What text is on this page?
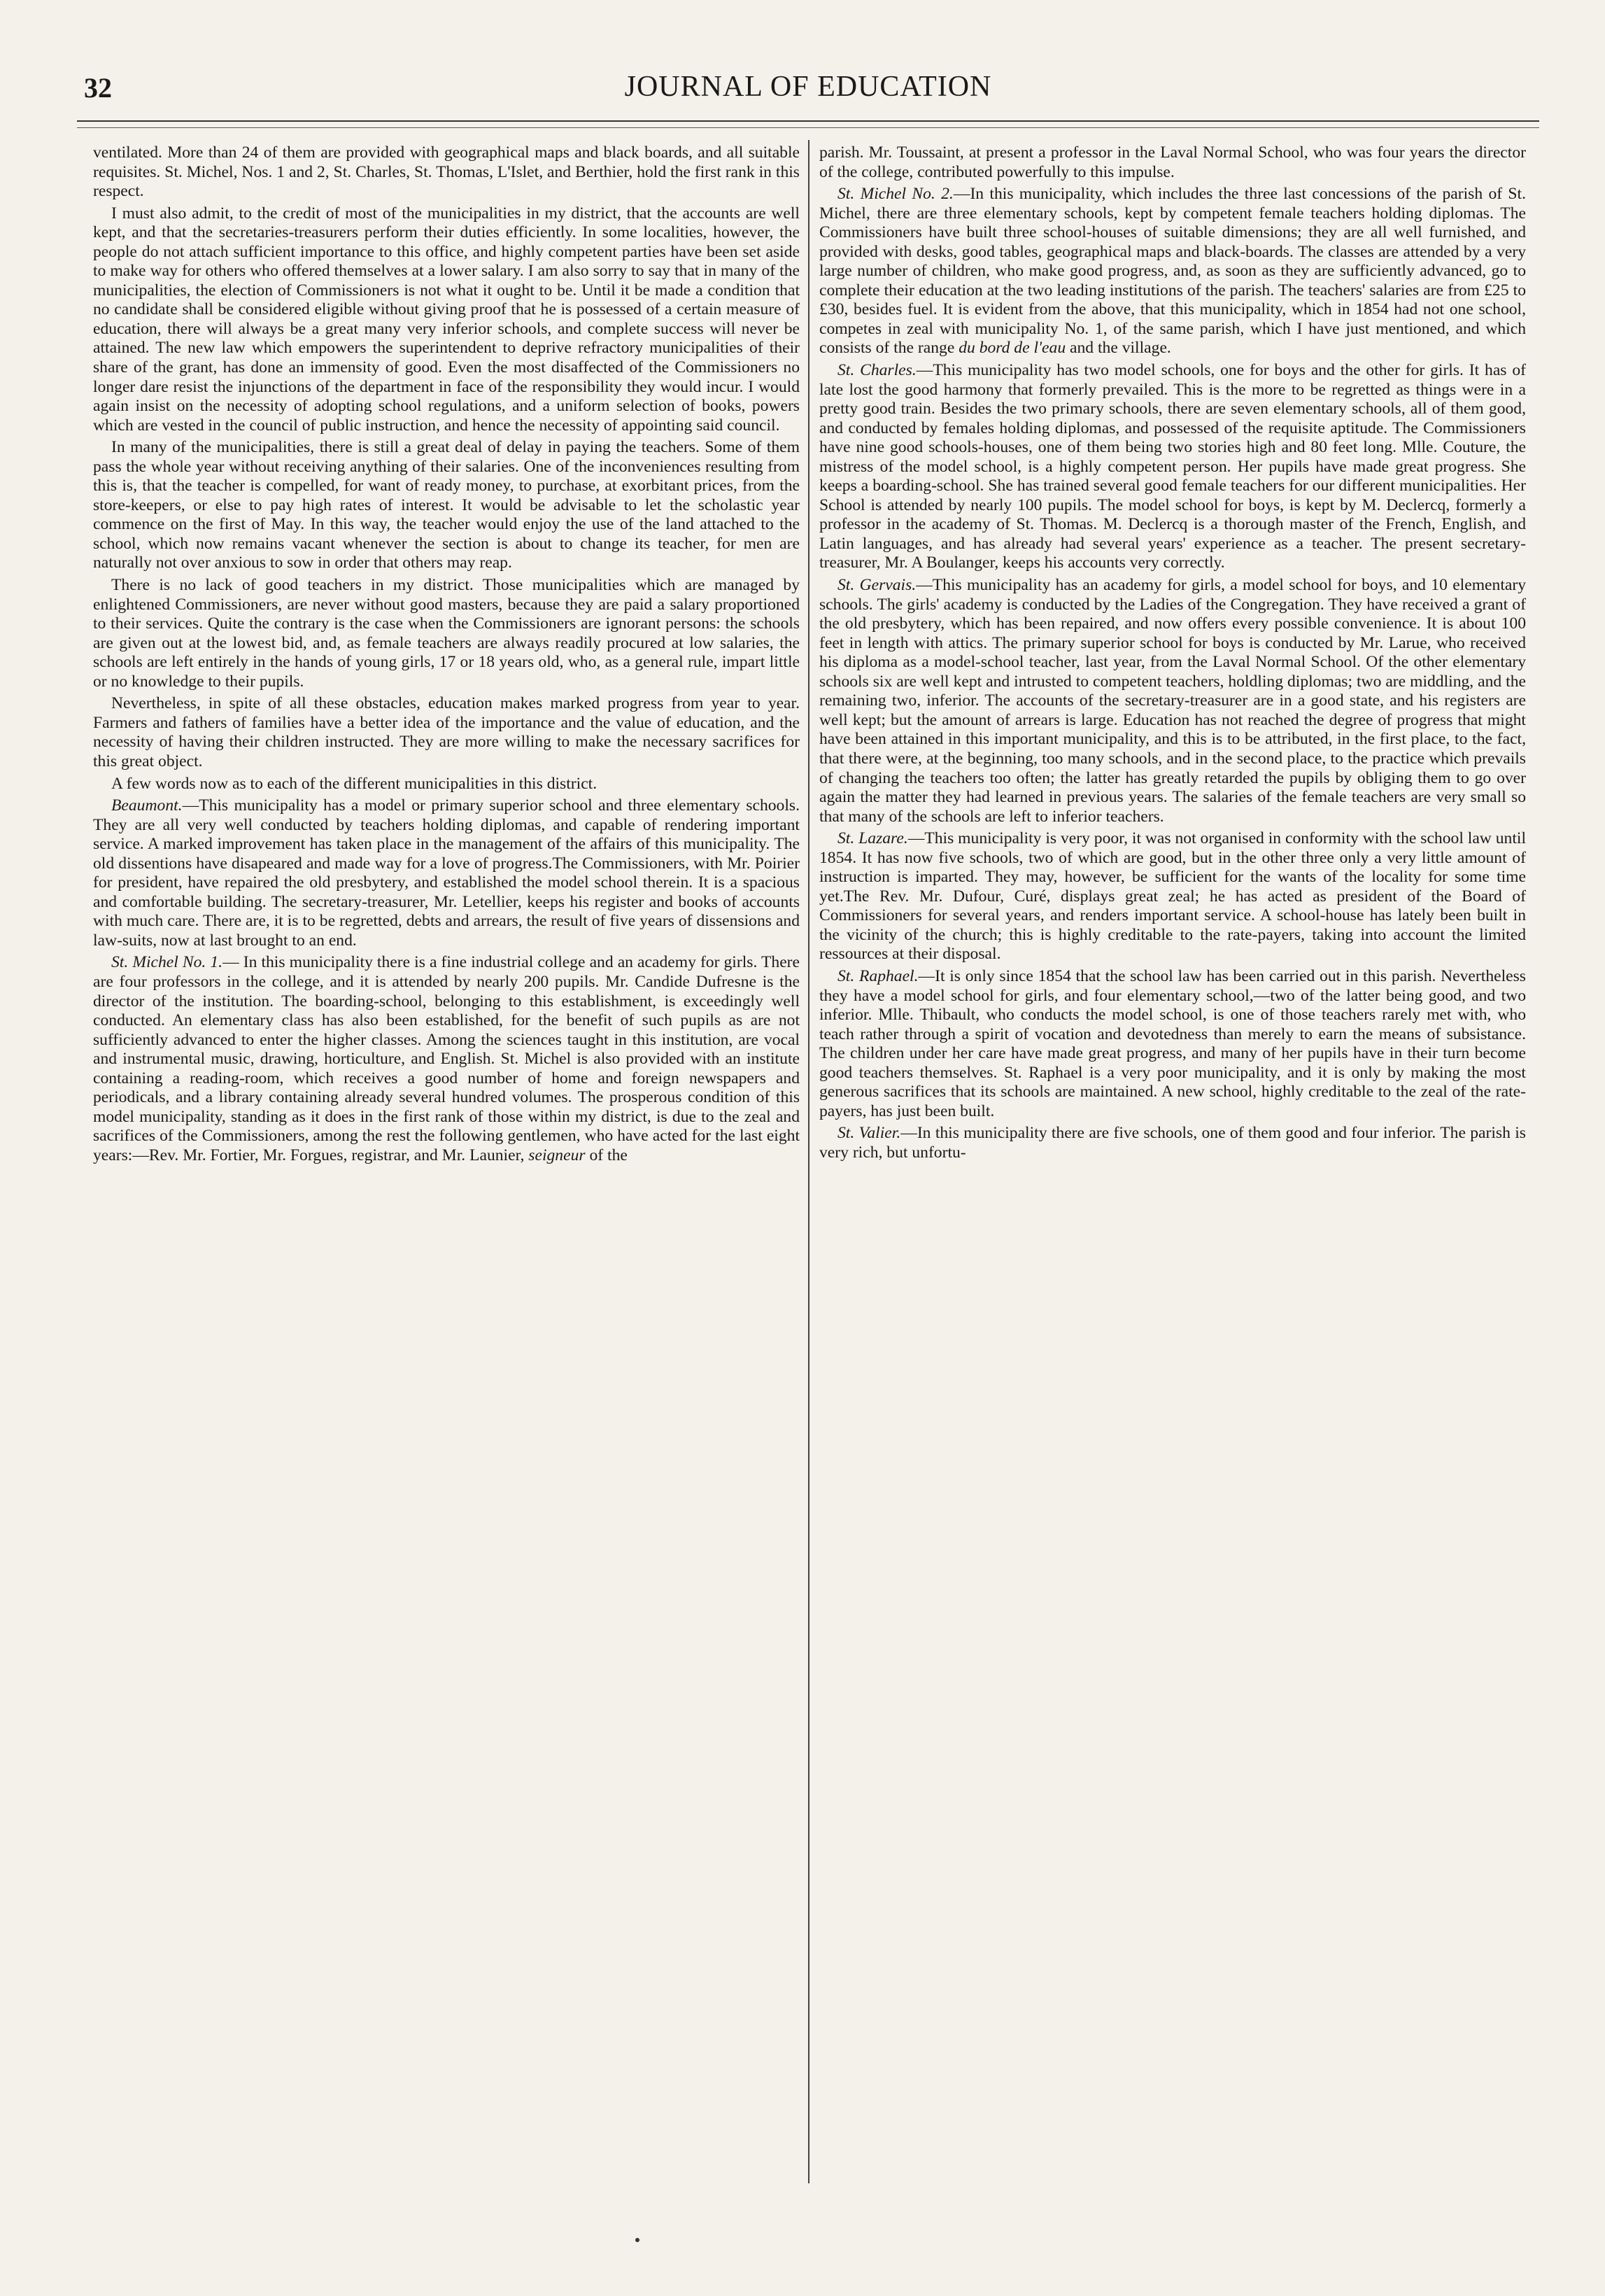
32	JOURNAL OF EDUCATION

ventilated. More than 24 of them are provided with geographical maps and black boards, and all suitable requisites. St. Michel, Nos. 1 and 2, St. Charles, St. Thomas, L'Islet, and Berthier, hold the first rank in this respect.

I must also admit, to the credit of most of the municipalities in my district, that the accounts are well kept, and that the secretaries-treasurers perform their duties efficiently. In some localities, however, the people do not attach sufficient importance to this office, and highly competent parties have been set aside to make way for others who offered themselves at a lower salary. I am also sorry to say that in many of the municipalities, the election of Commissioners is not what it ought to be. Until it be made a condition that no candidate shall be considered eligible without giving proof that he is possessed of a certain measure of education, there will always be a great many very inferior schools, and complete success will never be attained. The new law which empowers the superintendent to deprive refractory municipalities of their share of the grant, has done an immensity of good. Even the most disaffected of the Commissioners no longer dare resist the injunctions of the department in face of the responsibility they would incur. I would again insist on the necessity of adopting school regulations, and a uniform selection of books, powers which are vested in the council of public instruction, and hence the necessity of appointing said council.

In many of the municipalities, there is still a great deal of delay in paying the teachers. Some of them pass the whole year without receiving anything of their salaries. One of the inconveniences resulting from this is, that the teacher is compelled, for want of ready money, to purchase, at exorbitant prices, from the store-keepers, or else to pay high rates of interest. It would be advisable to let the scholastic year commence on the first of May. In this way, the teacher would enjoy the use of the land attached to the school, which now remains vacant whenever the section is about to change its teacher, for men are naturally not over anxious to sow in order that others may reap.

There is no lack of good teachers in my district. Those municipalities which are managed by enlightened Commissioners, are never without good masters, because they are paid a salary proportioned to their services. Quite the contrary is the case when the Commissioners are ignorant persons: the schools are given out at the lowest bid, and, as female teachers are always readily procured at low salaries, the schools are left entirely in the hands of young girls, 17 or 18 years old, who, as a general rule, impart little or no knowledge to their pupils.

Nevertheless, in spite of all these obstacles, education makes marked progress from year to year. Farmers and fathers of families have a better idea of the importance and the value of education, and the necessity of having their children instructed. They are more willing to make the necessary sacrifices for this great object.

A few words now as to each of the different municipalities in this district.

Beaumont.—This municipality has a model or primary superior school and three elementary schools. They are all very well conducted by teachers holding diplomas, and capable of rendering important service. A marked improvement has taken place in the management of the affairs of this municipality. The old dissentions have disapeared and made way for a love of progress.The Commissioners, with Mr. Poirier for president, have repaired the old presbytery, and established the model school therein. It is a spacious and comfortable building. The secretary-treasurer, Mr. Letellier, keeps his register and books of accounts with much care. There are, it is to be regretted, debts and arrears, the result of five years of dissensions and law-suits, now at last brought to an end.

St. Michel No. 1.— In this municipality there is a fine industrial college and an academy for girls. There are four professors in the college, and it is attended by nearly 200 pupils. Mr. Candide Dufresne is the director of the institution. The boarding-school, belonging to this establishment, is exceedingly well conducted. An elementary class has also been established, for the benefit of such pupils as are not sufficiently advanced to enter the higher classes. Among the sciences taught in this institution, are vocal and instrumental music, drawing, horticulture, and English. St. Michel is also provided with an institute containing a reading-room, which receives a good number of home and foreign newspapers and periodicals, and a library containing already several hundred volumes. The prosperous condition of this model municipality, standing as it does in the first rank of those within my district, is due to the zeal and sacrifices of the Commissioners, among the rest the following gentlemen, who have acted for the last eight years:—Rev. Mr. Fortier, Mr. Forgues, registrar, and Mr. Launier, seigneur of the

parish. Mr. Toussaint, at present a professor in the Laval Normal School, who was four years the director of the college, contributed powerfully to this impulse.

St. Michel No. 2.—In this municipality, which includes the three last concessions of the parish of St. Michel, there are three elementary schools, kept by competent female teachers holding diplomas. The Commissioners have built three school-houses of suitable dimensions; they are all well furnished, and provided with desks, good tables, geographical maps and black-boards. The classes are attended by a very large number of children, who make good progress, and, as soon as they are sufficiently advanced, go to complete their education at the two leading institutions of the parish. The teachers' salaries are from £25 to £30, besides fuel. It is evident from the above, that this municipality, which in 1854 had not one school, competes in zeal with municipality No. 1, of the same parish, which I have just mentioned, and which consists of the range du bord de l'eau and the village.

St. Charles.—This municipality has two model schools, one for boys and the other for girls. It has of late lost the good harmony that formerly prevailed. This is the more to be regretted as things were in a pretty good train. Besides the two primary schools, there are seven elementary schools, all of them good, and conducted by females holding diplomas, and possessed of the requisite aptitude. The Commissioners have nine good schools-houses, one of them being two stories high and 80 feet long. Mlle. Couture, the mistress of the model school, is a highly competent person. Her pupils have made great progress. She keeps a boarding-school. She has trained several good female teachers for our different municipalities. Her School is attended by nearly 100 pupils. The model school for boys, is kept by M. Declercq, formerly a professor in the academy of St. Thomas. M. Declercq is a thorough master of the French, English, and Latin languages, and has already had several years' experience as a teacher. The present secretary-treasurer, Mr. A Boulanger, keeps his accounts very correctly.

St. Gervais.—This municipality has an academy for girls, a model school for boys, and 10 elementary schools. The girls' academy is conducted by the Ladies of the Congregation. They have received a grant of the old presbytery, which has been repaired, and now offers every possible convenience. It is about 100 feet in length with attics. The primary superior school for boys is conducted by Mr. Larue, who received his diploma as a model-school teacher, last year, from the Laval Normal School. Of the other elementary schools six are well kept and intrusted to competent teachers, holdling diplomas; two are middling, and the remaining two, inferior. The accounts of the secretary-treasurer are in a good state, and his registers are well kept; but the amount of arrears is large. Education has not reached the degree of progress that might have been attained in this important municipality, and this is to be attributed, in the first place, to the fact, that there were, at the beginning, too many schools, and in the second place, to the practice which prevails of changing the teachers too often; the latter has greatly retarded the pupils by obliging them to go over again the matter they had learned in previous years. The salaries of the female teachers are very small so that many of the schools are left to inferior teachers.

St. Lazare.—This municipality is very poor, it was not organised in conformity with the school law until 1854. It has now five schools, two of which are good, but in the other three only a very little amount of instruction is imparted. They may, however, be sufficient for the wants of the locality for some time yet.The Rev. Mr. Dufour, Curé, displays great zeal; he has acted as president of the Board of Commissioners for several years, and renders important service. A school-house has lately been built in the vicinity of the church; this is highly creditable to the rate-payers, taking into account the limited ressources at their disposal.

St. Raphael.—It is only since 1854 that the school law has been carried out in this parish. Nevertheless they have a model school for girls, and four elementary school,—two of the latter being good, and two inferior. Mlle. Thibault, who conducts the model school, is one of those teachers rarely met with, who teach rather through a spirit of vocation and devotedness than merely to earn the means of subsistance. The children under her care have made great progress, and many of her pupils have in their turn become good teachers themselves. St. Raphael is a very poor municipality, and it is only by making the most generous sacrifices that its schools are maintained. A new school, highly creditable to the zeal of the rate-payers, has just been built.

St. Valier.—In this municipality there are five schools, one of them good and four inferior. The parish is very rich, but unfortu-
